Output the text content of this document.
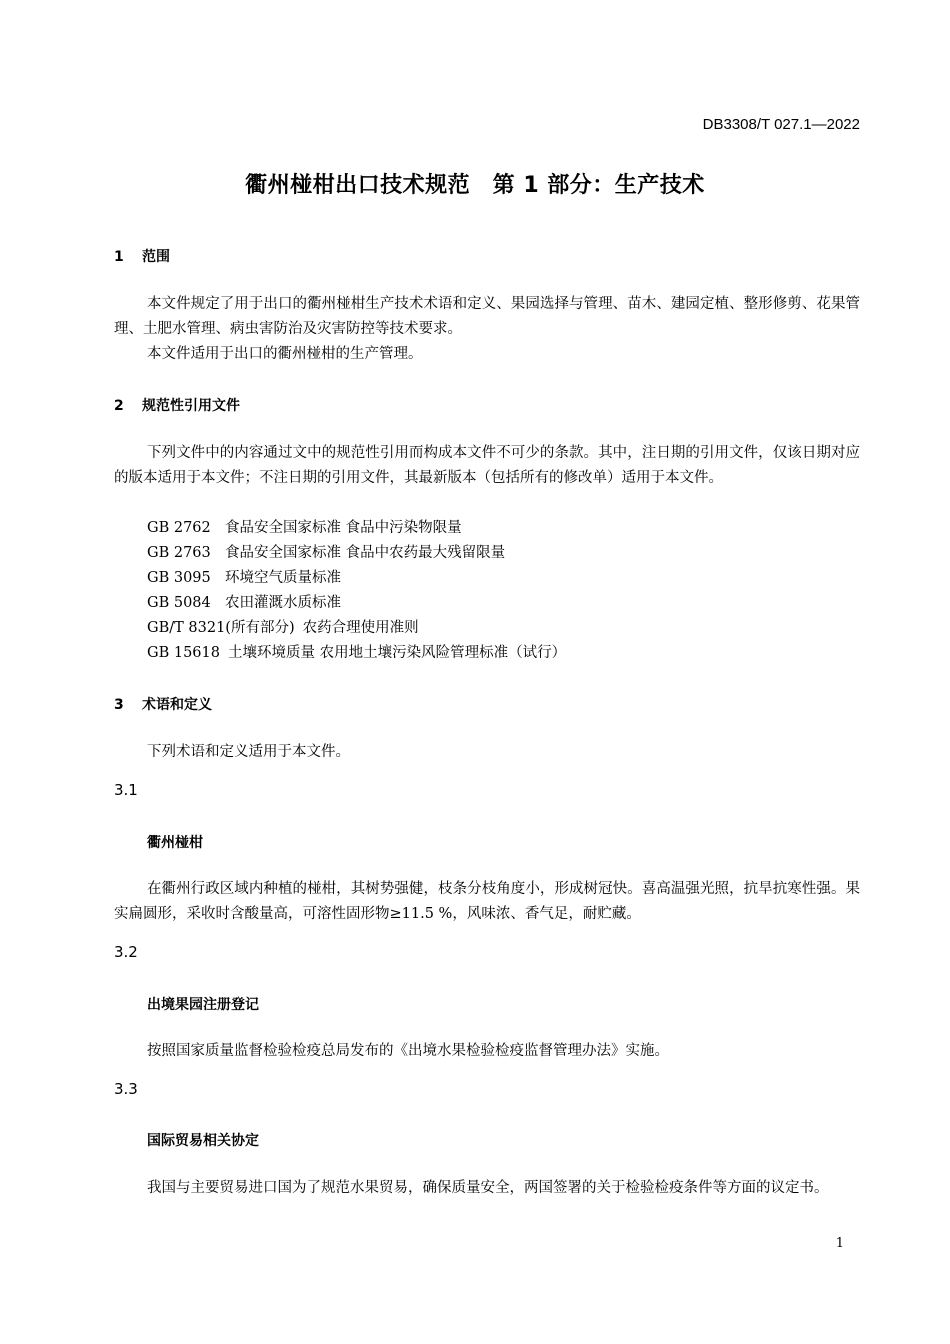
DB3308/T 027.1—2022
衢州椪柑出口技术规范　第 1 部分：生产技术
1 范围
本文件规定了用于出口的衢州椪柑生产技术术语和定义、果园选择与管理、苗木、建园定植、整形修剪、花果管理、土肥水管理、病虫害防治及灾害防控等技术要求。
本文件适用于出口的衢州椪柑的生产管理。
2 规范性引用文件
下列文件中的内容通过文中的规范性引用而构成本文件不可少的条款。其中，注日期的引用文件，仅该日期对应的版本适用于本文件；不注日期的引用文件，其最新版本（包括所有的修改单）适用于本文件。
GB 2762 食品安全国家标准 食品中污染物限量
GB 2763 食品安全国家标准 食品中农药最大残留限量
GB 3095 环境空气质量标准
GB 5084 农田灌溉水质标准
GB/T 8321(所有部分) 农药合理使用准则
GB 15618 土壤环境质量 农用地土壤污染风险管理标准（试行）
3 术语和定义
下列术语和定义适用于本文件。
3.1
衢州椪柑
在衢州行政区域内种植的椪柑，其树势强健，枝条分枝角度小，形成树冠快。喜高温强光照，抗旱抗寒性强。果实扁圆形，采收时含酸量高，可溶性固形物≥11.5 %，风味浓、香气足，耐贮藏。
3.2
出境果园注册登记
按照国家质量监督检验检疫总局发布的《出境水果检验检疫监督管理办法》实施。
3.3
国际贸易相关协定
我国与主要贸易进口国为了规范水果贸易，确保质量安全，两国签署的关于检验检疫条件等方面的议定书。
1
